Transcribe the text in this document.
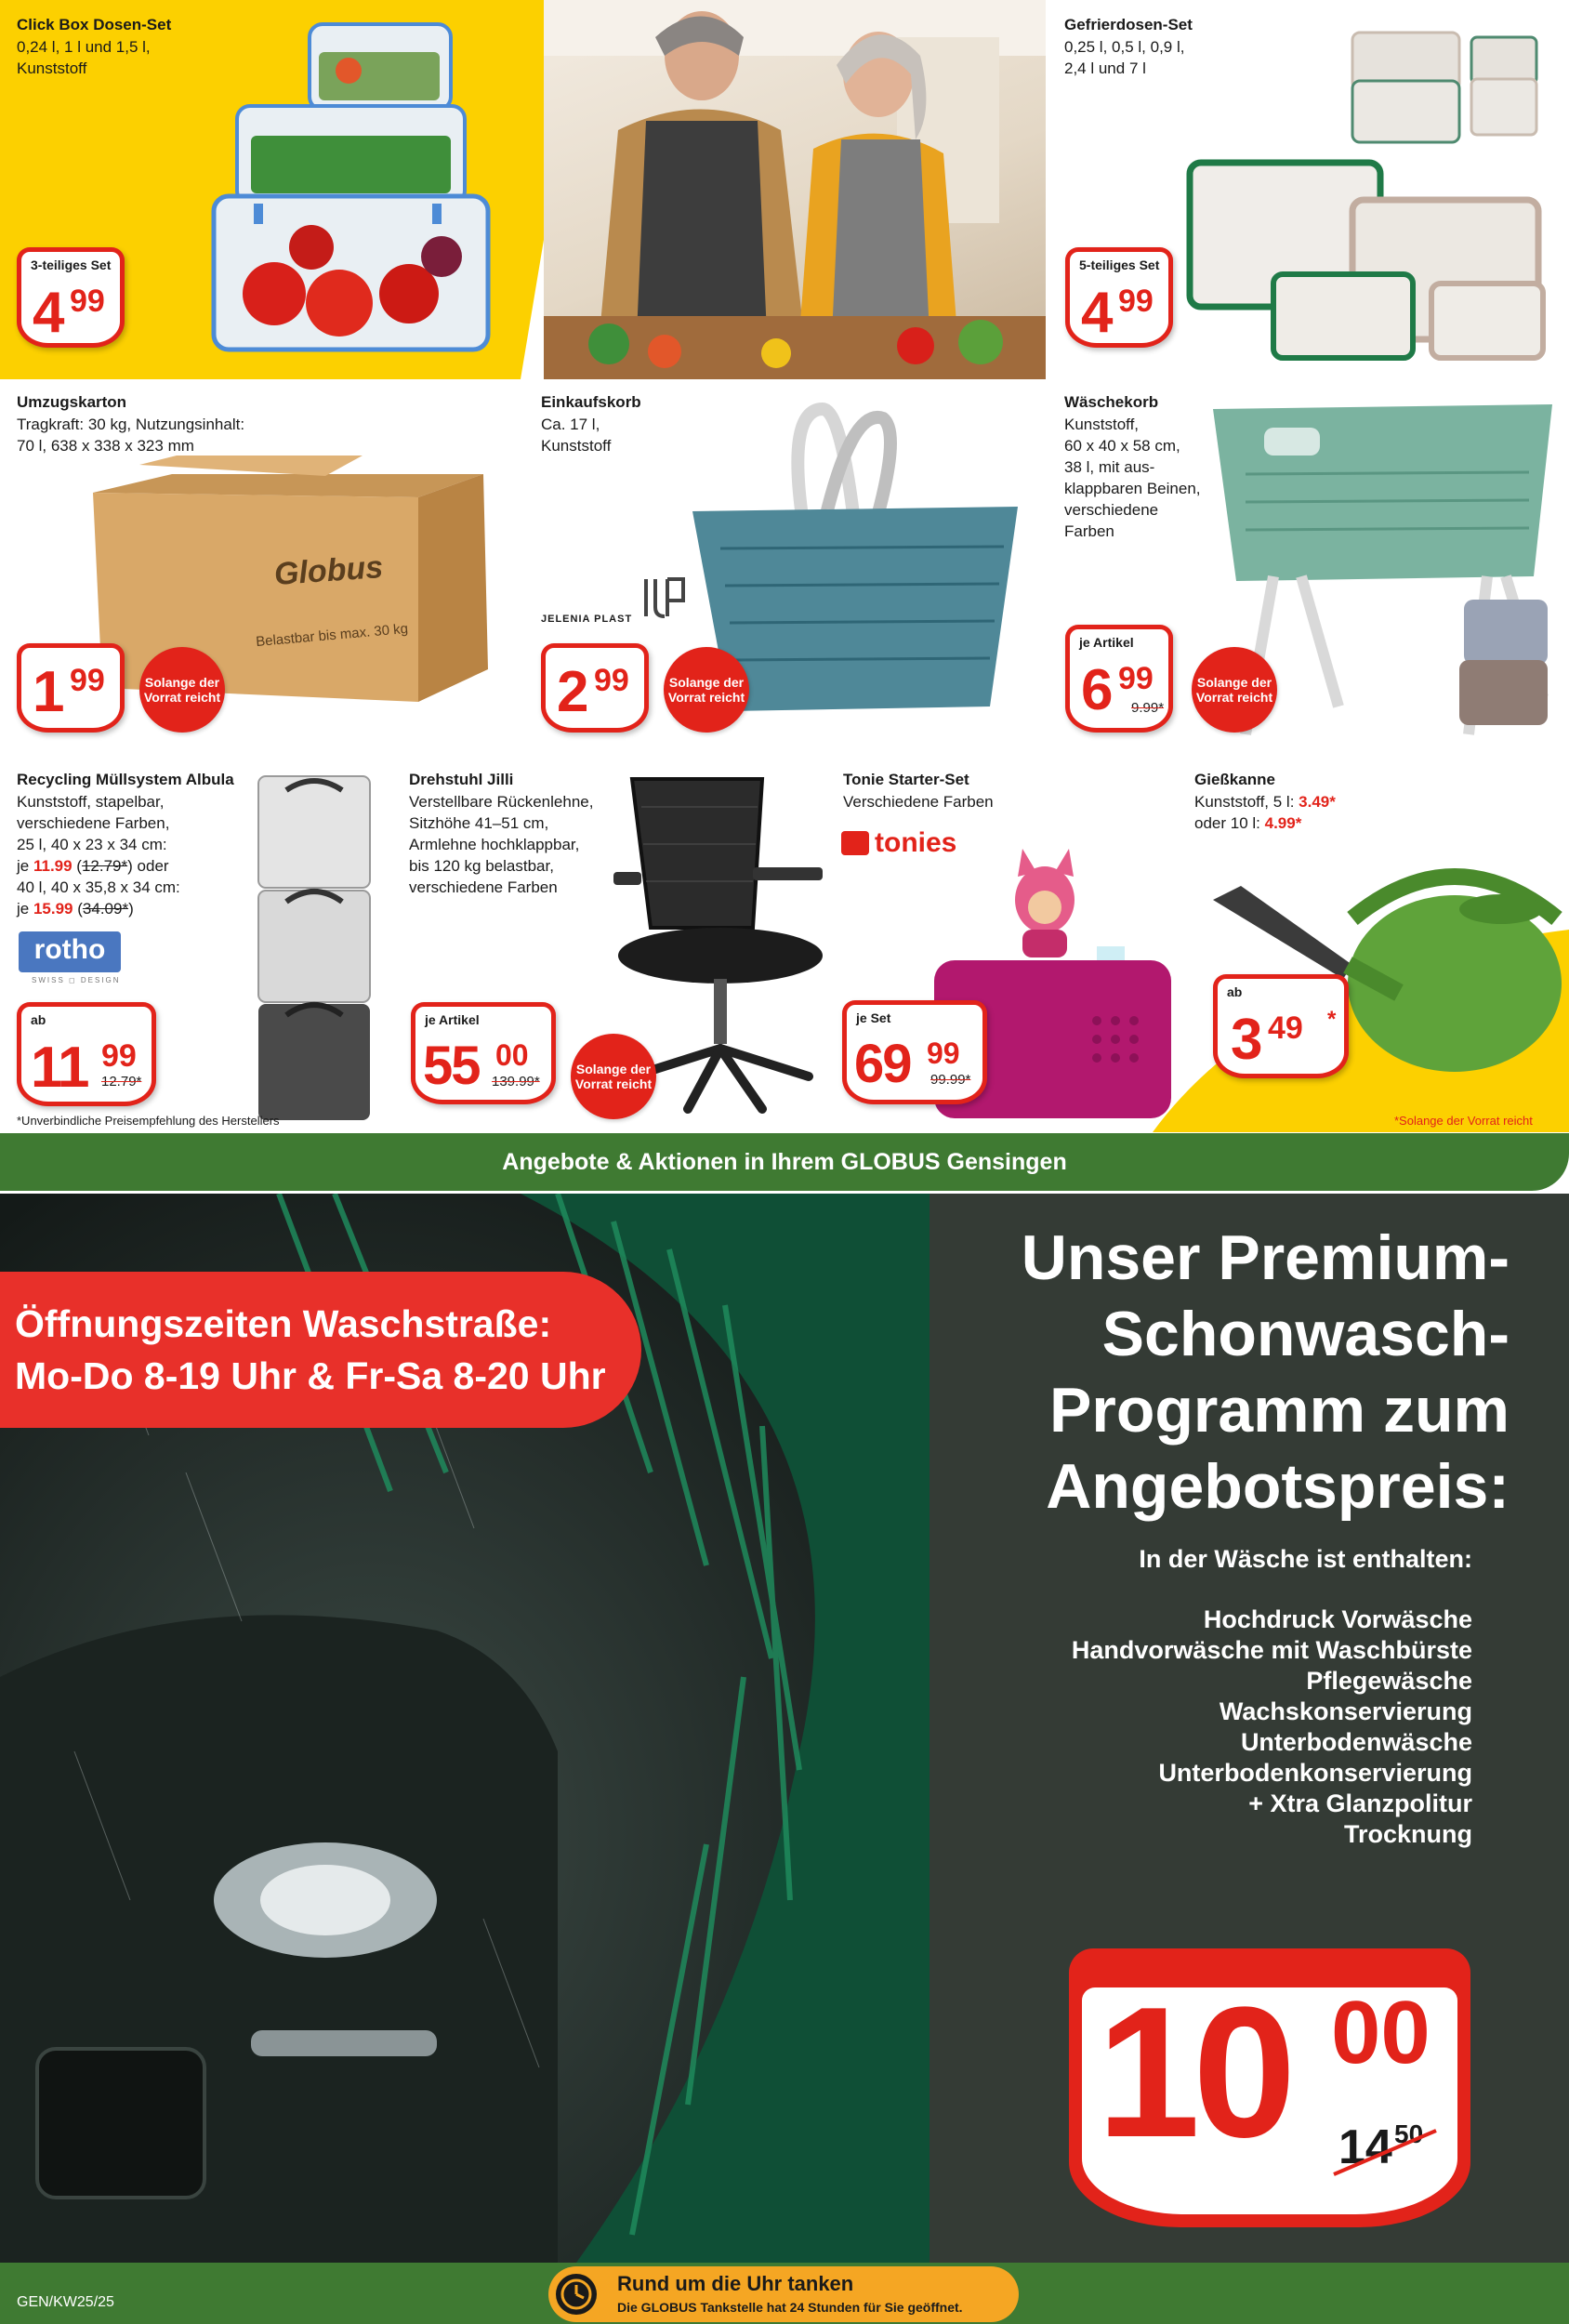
Click Box Dosen-Set
0,24 l, 1 l und 1,5 l,
Kunststoff
3-teiliges Set
4 99
Gefrierdosen-Set
0,25 l, 0,5 l, 0,9 l,
2,4 l und 7 l
5-teiliges Set
4 99
Umzugskarton
Tragkraft: 30 kg, Nutzungsinhalt:
70 l, 638 x 338 x 323 mm
Globus
Belastbar bis max. 30 kg
1 99	Solange der Vorrat reicht
Einkaufskorb
Ca. 17 l,
Kunststoff
JELENIA PLAST
2 99	Solange der Vorrat reicht
Wäschekorb
Kunststoff,
60 x 40 x 58 cm,
38 l, mit aus-
klappbaren Beinen,
verschiedene
Farben
je Artikel
6 99
9.99*
Solange der Vorrat reicht
Recycling Müllsystem Albula
Kunststoff, stapelbar,
verschiedene Farben,
25 l, 40 x 23 x 34 cm:
je 11.99 (12.79*) oder
40 l, 40 x 35,8 x 34 cm:
je 15.99 (34.09*)
rotho
SWISS ◻ DESIGN
ab
11 99
12.79*
Drehstuhl Jilli
Verstellbare Rückenlehne,
Sitzhöhe 41–51 cm,
Armlehne hochklappbar,
bis 120 kg belastbar,
verschiedene Farben
je Artikel
55 00
139.99*
Solange der Vorrat reicht
Tonie Starter-Set
Verschiedene Farben
tonies
je Set
69 99
99.99*
Gießkanne
Kunststoff, 5 l: 3.49*
oder 10 l: 4.99*
ab
3 49 *
*Unverbindliche Preisempfehlung des Herstellers	*Solange der Vorrat reicht
Angebote & Aktionen in Ihrem GLOBUS Gensingen
Öffnungszeiten Waschstraße:
Mo-Do 8-19 Uhr & Fr-Sa 8-20 Uhr
Unser Premium-
Schonwasch-
Programm zum
Angebotspreis:
In der Wäsche ist enthalten:
Hochdruck Vorwäsche
Handvorwäsche mit Waschbürste
Pflegewäsche
Wachskonservierung
Unterbodenwäsche
Unterbodenkonservierung
+ Xtra Glanzpolitur
Trocknung
10 00
14 50
GEN/KW25/25
Rund um die Uhr tanken
Die GLOBUS Tankstelle hat 24 Stunden für Sie geöffnet.
